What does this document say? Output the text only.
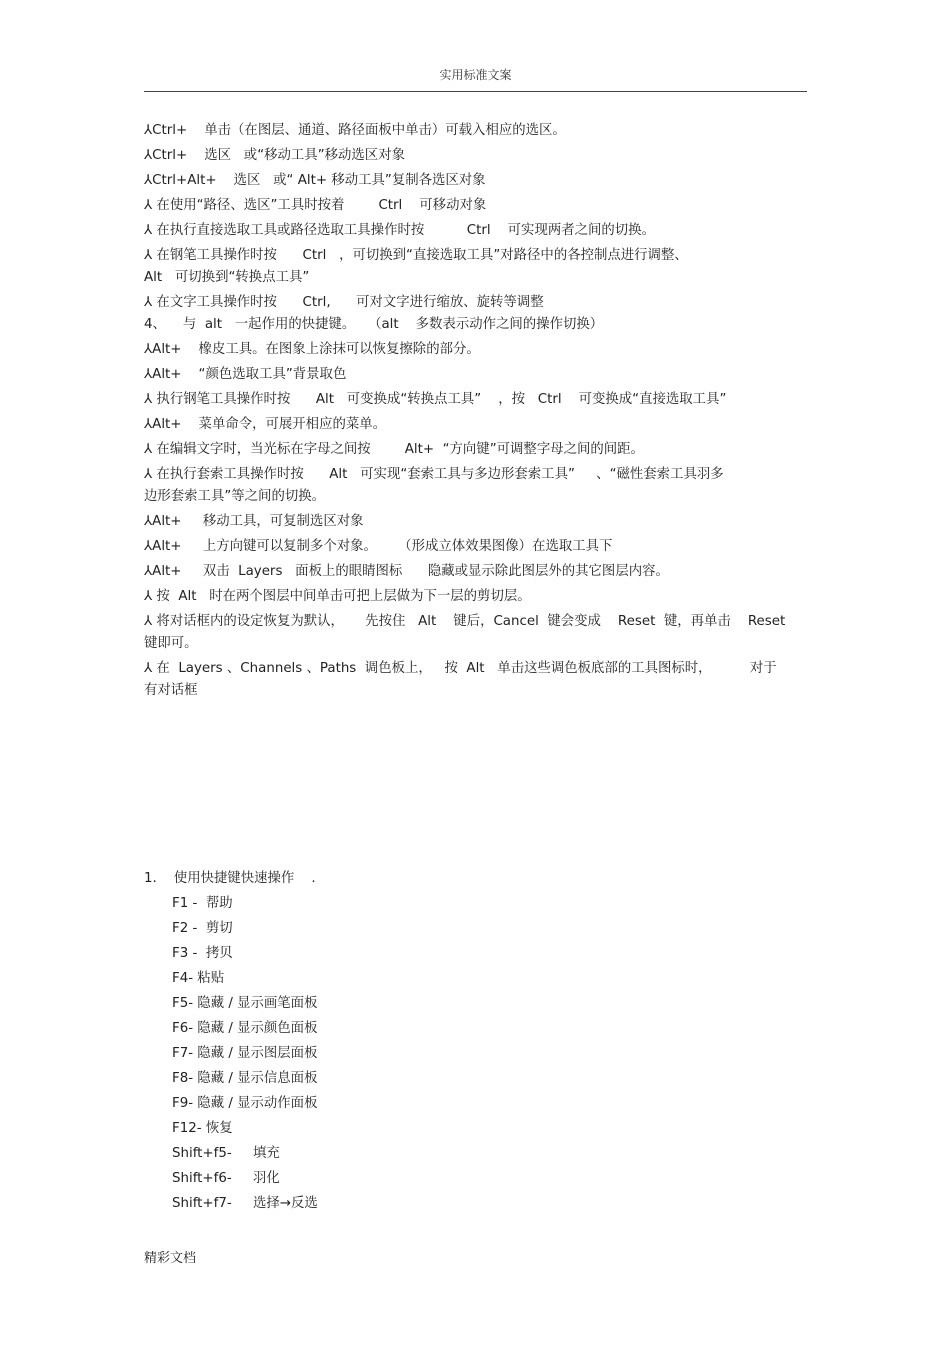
实用标准文案

⅄Ctrl+    单击（在图层、通道、路径面板中单击）可载入相应的选区。

⅄Ctrl+    选区   或“移动工具”移动选区对象

⅄Ctrl+Alt+    选区   或“ Alt+ 移动工具”复制各选区对象

⅄ 在使用“路径、选区”工具时按着        Ctrl    可移动对象

⅄ 在执行直接选取工具或路径选取工具操作时按          Ctrl    可实现两者之间的切换。

⅄ 在钢笔工具操作时按      Ctrl   ，可切换到“直接选取工具”对路径中的各控制点进行调整、

Alt   可切换到“转换点工具”

⅄ 在文字工具操作时按      Ctrl,      可对文字进行缩放、旋转等调整

4、    与  alt   一起作用的快捷键。   （alt    多数表示动作之间的操作切换）

⅄Alt+    橡皮工具。在图象上涂抹可以恢复擦除的部分。

⅄Alt+    “颜色选取工具”背景取色

⅄ 执行钢笔工具操作时按      Alt   可变换成“转换点工具”    ，按   Ctrl    可变换成“直接选取工具”

⅄Alt+    菜单命令，可展开相应的菜单。

⅄ 在编辑文字时，当光标在字母之间按        Alt+  “方向键”可调整字母之间的间距。

⅄ 在执行套索工具操作时按      Alt   可实现“套索工具与多边形套索工具”     、“磁性套索工具羽多

边形套索工具”等之间的切换。

⅄Alt+     移动工具，可复制选区对象

⅄Alt+     上方向键可以复制多个对象。     （形成立体效果图像）在选取工具下

⅄Alt+     双击  Layers   面板上的眼睛图标      隐藏或显示除此图层外的其它图层内容。

⅄ 按  Alt   时在两个图层中间单击可把上层做为下一层的剪切层。

⅄ 将对话框内的设定恢复为默认，     先按住   Alt    键后，Cancel  键会变成    Reset  键，再单击    Reset

键即可。

⅄ 在  Layers 、Channels 、Paths  调色板上，   按  Alt   单击这些调色板底部的工具图标时，         对于

有对话框

1.    使用快捷键快速操作    .
F1 -  帮助
F2 -  剪切
F3 -  拷贝
F4- 粘贴
F5- 隐藏 / 显示画笔面板
F6- 隐藏 / 显示颜色面板
F7- 隐藏 / 显示图层面板
F8- 隐藏 / 显示信息面板
F9- 隐藏 / 显示动作面板
F12- 恢复
Shift+f5-     填充
Shift+f6-     羽化
Shift+f7-     选择→反选
精彩文档
